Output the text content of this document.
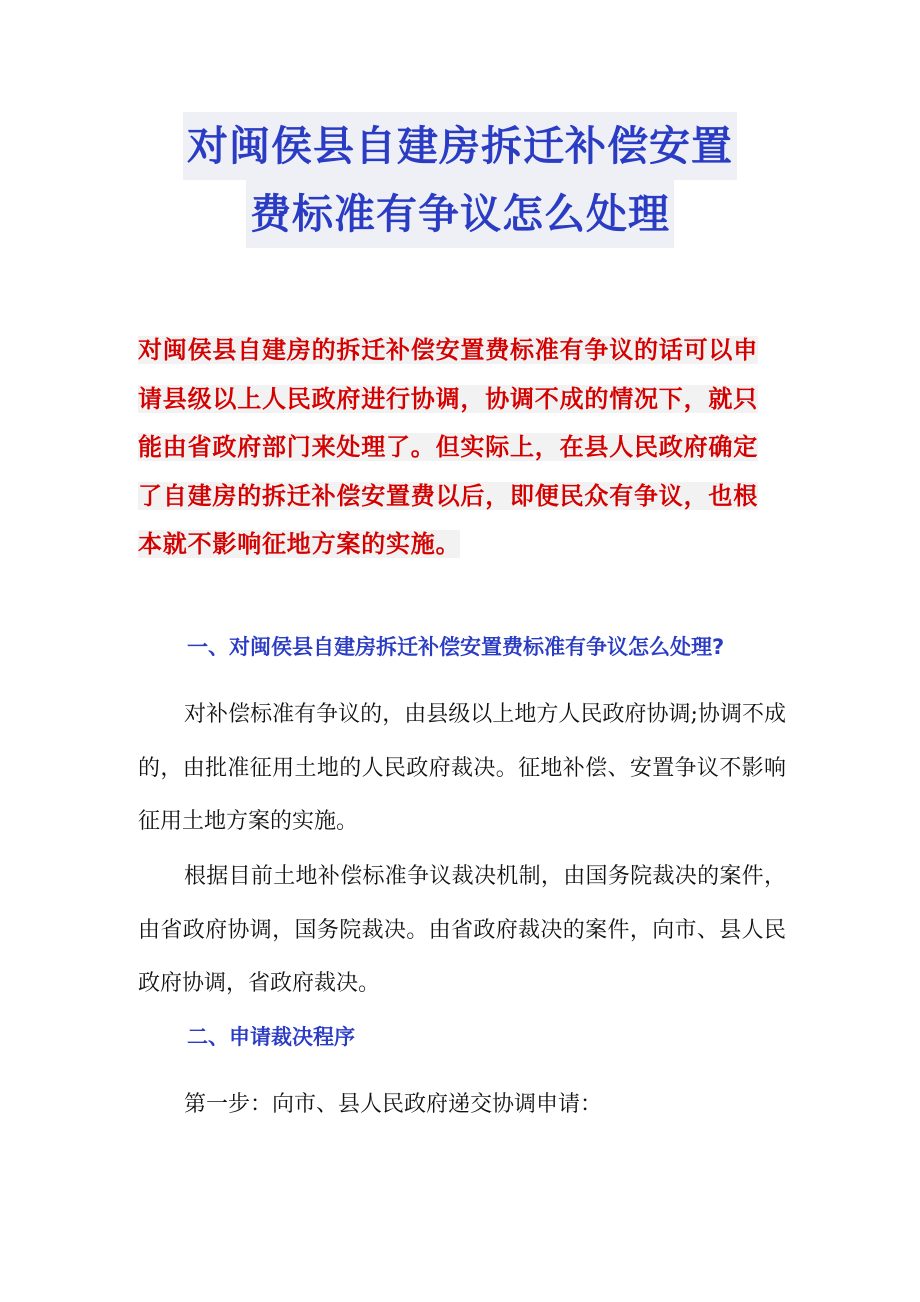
对闽侯县自建房拆迁补偿安置
费标准有争议怎么处理
对闽侯县自建房的拆迁补偿安置费标准有争议的话可以申请县级以上人民政府进行协调，协调不成的情况下，就只能由省政府部门来处理了。但实际上，在县人民政府确定了自建房的拆迁补偿安置费以后，即便民众有争议，也根本就不影响征地方案的实施。
一、对闽侯县自建房拆迁补偿安置费标准有争议怎么处理?
对补偿标准有争议的，由县级以上地方人民政府协调;协调不成的，由批准征用土地的人民政府裁决。征地补偿、安置争议不影响征用土地方案的实施。
根据目前土地补偿标准争议裁决机制，由国务院裁决的案件，由省政府协调，国务院裁决。由省政府裁决的案件，向市、县人民政府协调，省政府裁决。
二、申请裁决程序
第一步：向市、县人民政府递交协调申请：
